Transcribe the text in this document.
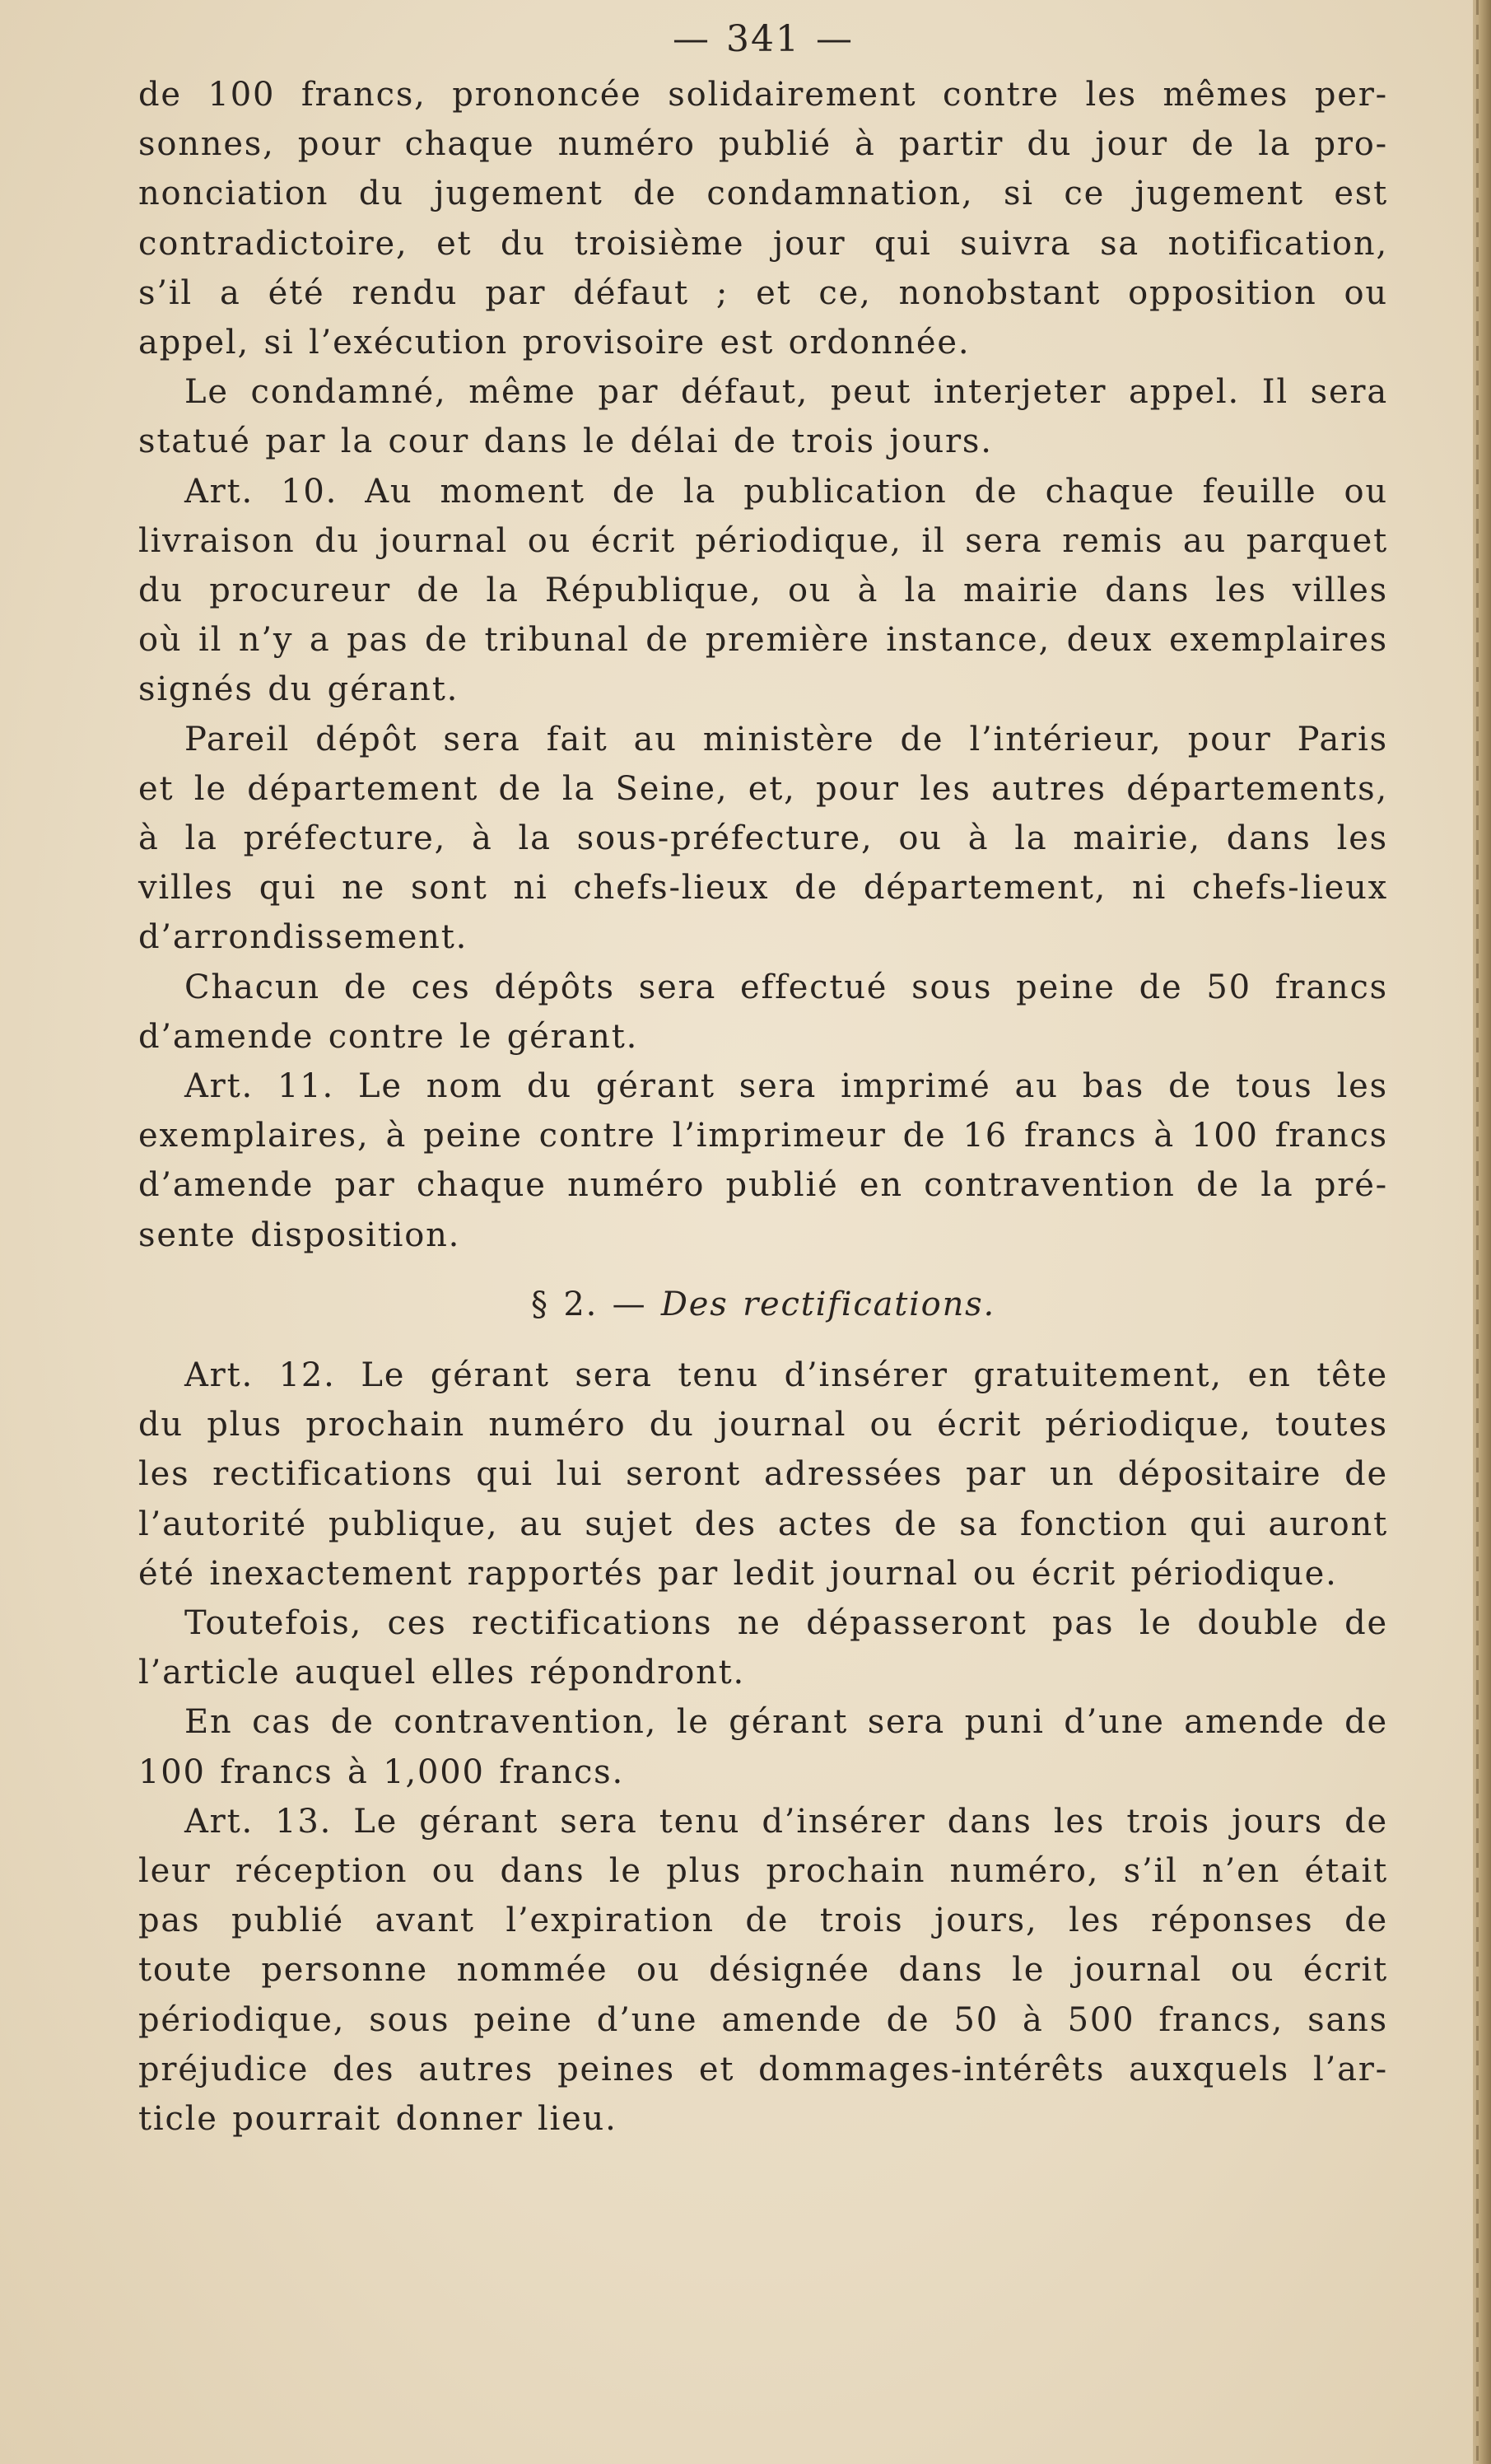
— 341 —
de 100 francs, prononcée solidairement contre les mêmes per-
sonnes, pour chaque numéro publié à partir du jour de la pro-
nonciation du jugement de condamnation, si ce jugement est
contradictoire, et du troisième jour qui suivra sa notification,
s’il a été rendu par défaut ; et ce, nonobstant opposition ou
appel, si l’exécution provisoire est ordonnée.
Le condamné, même par défaut, peut interjeter appel. Il sera
statué par la cour dans le délai de trois jours.
Art. 10. Au moment de la publication de chaque feuille ou
livraison du journal ou écrit périodique, il sera remis au parquet
du procureur de la République, ou à la mairie dans les villes
où il n’y a pas de tribunal de première instance, deux exemplaires
signés du gérant.
Pareil dépôt sera fait au ministère de l’intérieur, pour Paris
et le département de la Seine, et, pour les autres départements,
à la préfecture, à la sous-préfecture, ou à la mairie, dans les
villes qui ne sont ni chefs-lieux de département, ni chefs-lieux
d’arrondissement.
Chacun de ces dépôts sera effectué sous peine de 50 francs
d’amende contre le gérant.
Art. 11. Le nom du gérant sera imprimé au bas de tous les
exemplaires, à peine contre l’imprimeur de 16 francs à 100 francs
d’amende par chaque numéro publié en contravention de la pré-
sente disposition.
Art. 12. Le gérant sera tenu d’insérer gratuitement, en tête
du plus prochain numéro du journal ou écrit périodique, toutes
les rectifications qui lui seront adressées par un dépositaire de
l’autorité publique, au sujet des actes de sa fonction qui auront
été inexactement rapportés par ledit journal ou écrit périodique.
Toutefois, ces rectifications ne dépasseront pas le double de
l’article auquel elles répondront.
En cas de contravention, le gérant sera puni d’une amende de
100 francs à 1,000 francs.
Art. 13. Le gérant sera tenu d’insérer dans les trois jours de
leur réception ou dans le plus prochain numéro, s’il n’en était
pas publié avant l’expiration de trois jours, les réponses de
toute personne nommée ou désignée dans le journal ou écrit
périodique, sous peine d’une amende de 50 à 500 francs, sans
préjudice des autres peines et dommages-intérêts auxquels l’ar-
ticle pourrait donner lieu.
§ 2. — Des rectifications.
